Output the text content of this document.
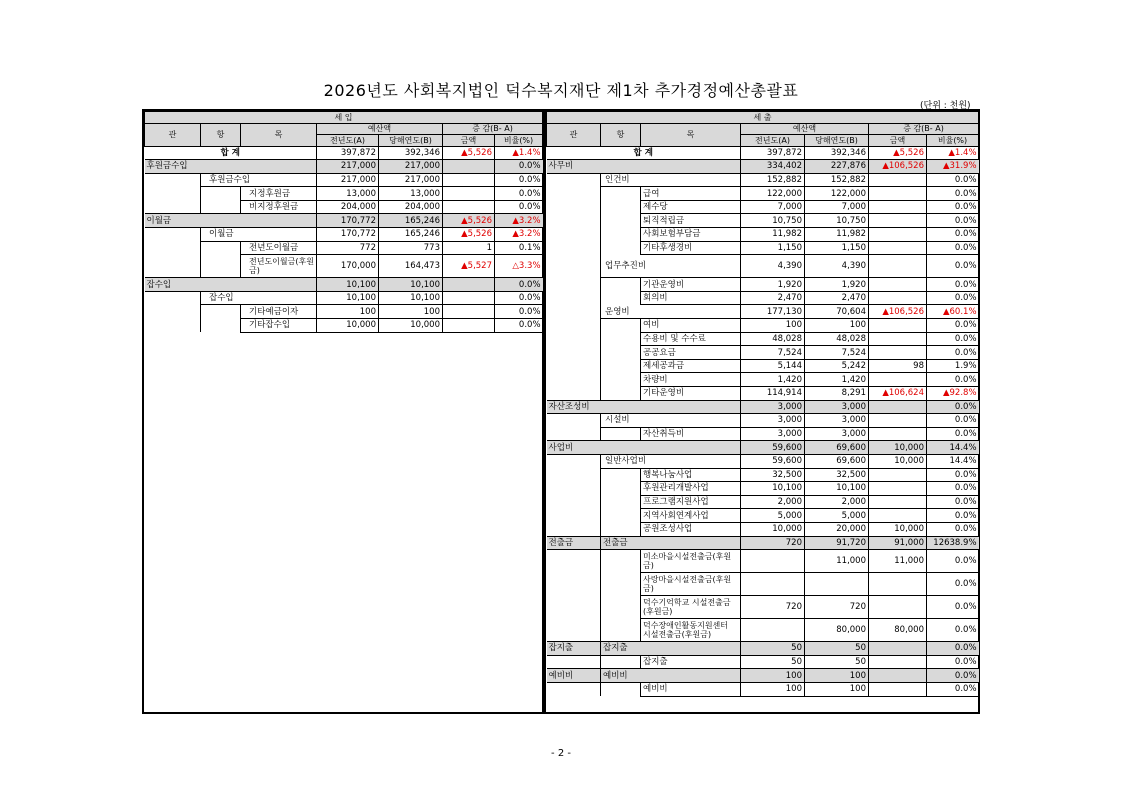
2026년도 사회복지법인 덕수복지재단 제1차 추가경정예산총괄표
(단위 : 천원)
세 입						
관	항	목	예산액		증 감(B- A)	
			전년도(A)	당해연도(B)	금액	비율(%)
합 계			397,872	392,346	▲5,526	▲1.4%
후원금수입			217,000	217,000		0.0%
	후원금수입		217,000	217,000		0.0%
		지정후원금	13,000	13,000		0.0%
		비지정후원금	204,000	204,000		0.0%
이월금			170,772	165,246	▲5,526	▲3.2%
	이월금		170,772	165,246	▲5,526	▲3.2%
		전년도이월금	772	773	1	0.1%
		전년도이월금(후원금)	170,000	164,473	▲5,527	△3.3%
잡수입			10,100	10,100		0.0%
	잡수입		10,100	10,100		0.0%
		기타예금이자	100	100		0.0%
		기타잡수입	10,000	10,000		0.0%
세 출						
관	항	목	예산액		증 감(B- A)	
			전년도(A)	당해연도(B)	금액	비율(%)
합 계			397,872	392,346	▲5,526	▲1.4%
사무비			334,402	227,876	▲106,526	▲31.9%
	인건비		152,882	152,882		0.0%
		급여	122,000	122,000		0.0%
		제수당	7,000	7,000		0.0%
		퇴직적립금	10,750	10,750		0.0%
		사회보험부담금	11,982	11,982		0.0%
		기타후생경비	1,150	1,150		0.0%
	업무추진비		4,390	4,390		0.0%
		기관운영비	1,920	1,920		0.0%
		회의비	2,470	2,470		0.0%
	운영비		177,130	70,604	▲106,526	▲60.1%
		여비	100	100		0.0%
		수용비 및 수수료	48,028	48,028		0.0%
		공공요금	7,524	7,524		0.0%
		제세공과금	5,144	5,242	98	1.9%
		차량비	1,420	1,420		0.0%
		기타운영비	114,914	8,291	▲106,624	▲92.8%
자산조성비			3,000	3,000		0.0%
	시설비		3,000	3,000		0.0%
		자산취득비	3,000	3,000		0.0%
사업비			59,600	69,600	10,000	14.4%
	일반사업비		59,600	69,600	10,000	14.4%
		행복나눔사업	32,500	32,500		0.0%
		후원관리개발사업	10,100	10,100		0.0%
		프로그램지원사업	2,000	2,000		0.0%
		지역사회연계사업	5,000	5,000		0.0%
		공원조성사업	10,000	20,000	10,000	0.0%
전출금	전출금		720	91,720	91,000	12638.9%
		미소마을시설전출금(후원금)		11,000	11,000	0.0%
		사랑마을시설전출금(후원금)				0.0%
		덕수기억학교 시설전출금(후원금)	720	720		0.0%
		덕수장애인활동지원센터 시설전출금(후원금)		80,000	80,000	0.0%
잡지출	잡지출		50	50		0.0%
		잡지출	50	50		0.0%
예비비	예비비		100	100		0.0%
		예비비	100	100		0.0%
- 2 -
